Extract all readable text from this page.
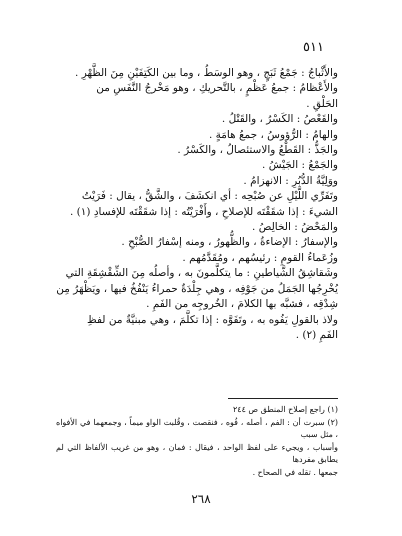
٥١١

والأَثْباجُ : جَمْعُ ثَبَجٍ ، وهو الوسَطُ ، وما بين الكَتِفَيْنِ مِنَ الظَّهْرِ .

والأَعْظامُ : جمعُ عَظْمٍ ، بالتَّحريكِ ، وهو مَخْرجُ النَّفَسِ من

الحَلْقِ .

والقَعْصُ : الكَسْرُ ، والقَتْلُ .

والهامُ : الرُّؤوسُ ، جمعُ هامَةٍ .

والجَذُّ : القَطْعُ والاستئصالُ ، والكَسْرُ .

والجَمْعُ : الجَيْشُ .

ووَلِيَّةُ الدُّبُرِ : الانهزامُ .

وتَفَرِّي اللَّيْلِ عن صُبْحِه : أي انكشَفَ ، والشَّقُّ ، يقال : فَرَيْتُ

الشيءَ : إذا شقَقْتَه للإصلاحِ ، وأَفْرَيْتُه : إذا شقَقْتَه للإفسادِ (١) .

والمَحْضُ : الخالِصُ .

والإسفارُ : الإضاءةُ ، والظُّهورُ ، ومنه إسْفارُ الصُّبْحِ .

وزُعَماءُ القومِ : رئيسُهم ، ومُقَدَّمُهم .

وشَقاشِقُ الشَّياطينِ : ما يتكلَّمونَ به ، وأصلُه مِنَ الشِّقْشِقَةِ التي

يُخْرِجُها الجَمَلُ من جَوْفِه ، وهي جِلْدَةٌ حمراءُ يَنْفُخُ فيها ، ويَظْهَرُ مِن

شِدْقِه ، فشبَّه بها الكلامَ ، الخُروجِه من الفَمِ .

ولاذ بالقولِ يَفُوه به ، وتَفَوَّه : إذا تكلَّمَ ، وهي مبنيَّةٌ من لفظِ

الفَمِ (٢) .

(١) راجع إصلاح المنطق ص ٢٤٤

(٢) سبرت أن : الفم ، أصله ، فُوه ، فنقصت ، وقُلبت الواو ميماً ، وجمعهما في الأفواه ، مثل سبب

وأسباب ، ويجيء على لفظ الواحد ، فيقال : فمان ، وهو من غريب الألفاظ التي لم يطابق مفردها

جمعها . تقله في الصحاح .

٢٦٨
